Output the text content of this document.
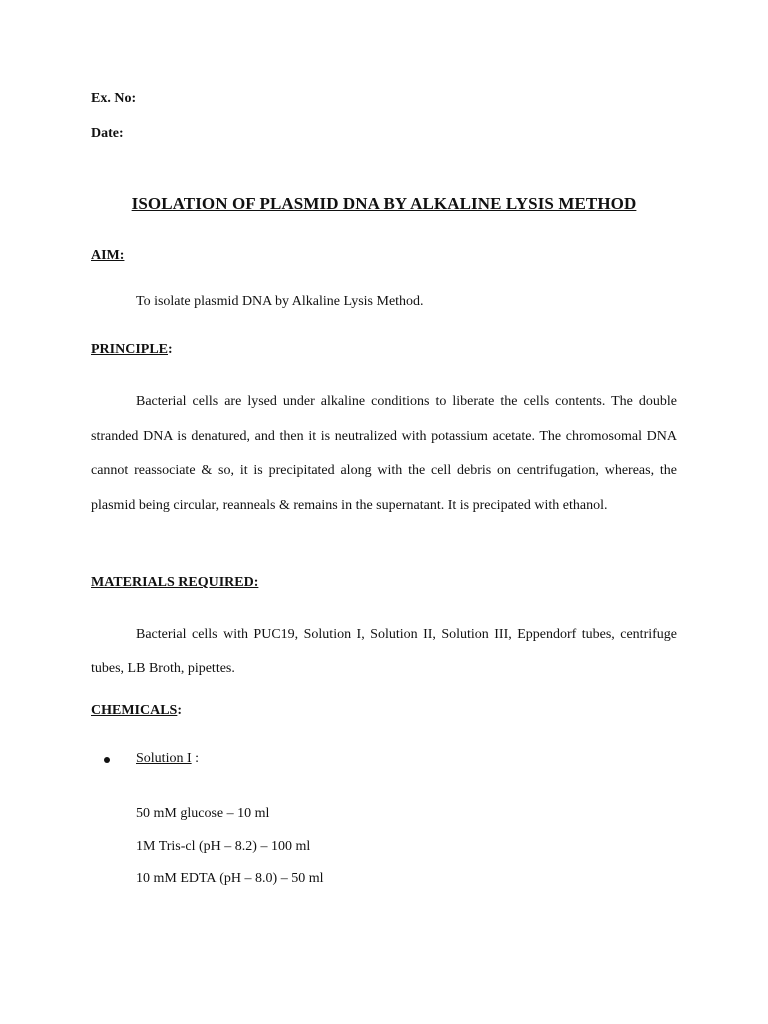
Ex. No:
Date:
ISOLATION OF PLASMID DNA BY ALKALINE LYSIS METHOD
AIM:
To isolate plasmid DNA by Alkaline Lysis Method.
PRINCIPLE:
Bacterial cells are lysed under alkaline conditions to liberate the cells contents. The double stranded DNA is denatured, and then it is neutralized with potassium acetate. The chromosomal DNA cannot reassociate & so, it is precipitated along with the cell debris on centrifugation, whereas, the plasmid being circular, reanneals & remains in the supernatant. It is precipated with ethanol.
MATERIALS REQUIRED:
Bacterial cells with PUC19, Solution I, Solution II, Solution III, Eppendorf tubes, centrifuge tubes, LB Broth, pipettes.
CHEMICALS:
Solution I :
50 mM glucose – 10 ml
1M Tris-cl (pH – 8.2) – 100 ml
10 mM EDTA (pH – 8.0) – 50 ml
